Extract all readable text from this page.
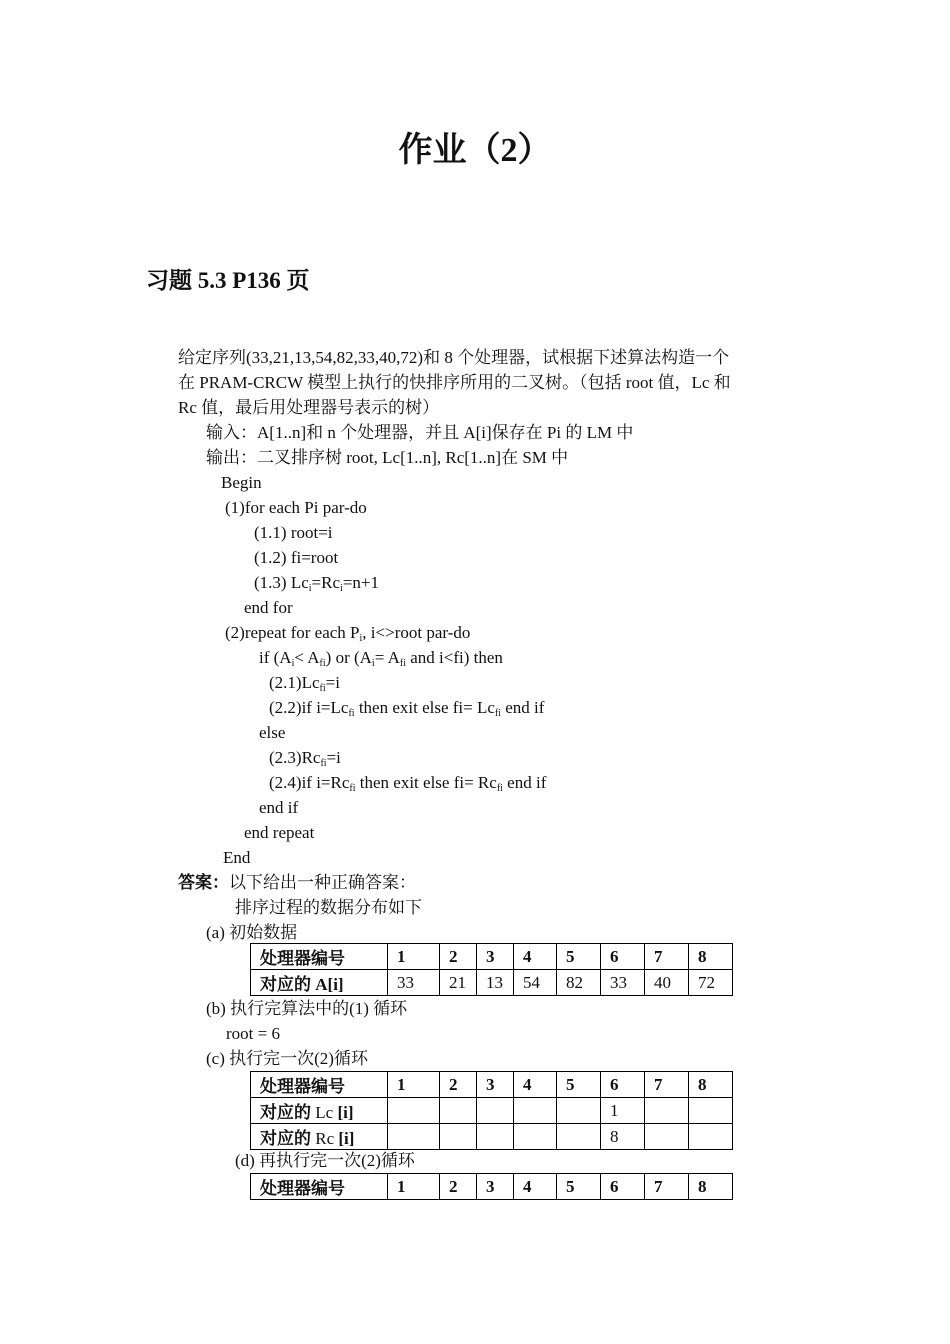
作业（2）
习题 5.3 P136 页
给定序列(33,21,13,54,82,33,40,72)和 8 个处理器，试根据下述算法构造一个
在 PRAM-CRCW 模型上执行的快排序所用的二叉树。（包括 root 值，Lc 和
Rc 值，最后用处理器号表示的树）
输入：A[1..n]和 n 个处理器，并且 A[i]保存在 Pi 的 LM 中
输出：二叉排序树 root, Lc[1..n], Rc[1..n]在 SM 中
Begin
(1)for each Pi par-do
(1.1) root=i
(1.2) fi=root
(1.3) $Lc_i=Rc_i=n+1$
end for
(2)repeat for each $P_i$, i<>root par-do
if $(A_i< A_{fi})$ or ($A_i= A_{fi}$ and i<fi) then
$(2.1)Lc_{fi}=i$
(2.2)if $i=Lc_{fi}$ then exit else $fi= Lc_{fi}$ end if
else
$(2.3)Rc_{fi}=i$
(2.4)if $i=Rc_{fi}$ then exit else $fi= Rc_{fi}$ end if
end if
end repeat
End
答案：以下给出一种正确答案：
排序过程的数据分布如下
(a) 初始数据
处理器编号	1	2	3	4	5	6	7	8
对应的 A[i]	33	21	13	54	82	33	40	72
(b) 执行完算法中的(1) 循环
root = 6
(c) 执行完一次(2)循环
处理器编号	1	2	3	4	5	6	7	8
对应的 Lc [i]						1		
对应的 Rc [i]						8		
(d) 再执行完一次(2)循环
处理器编号	1	2	3	4	5	6	7	8
